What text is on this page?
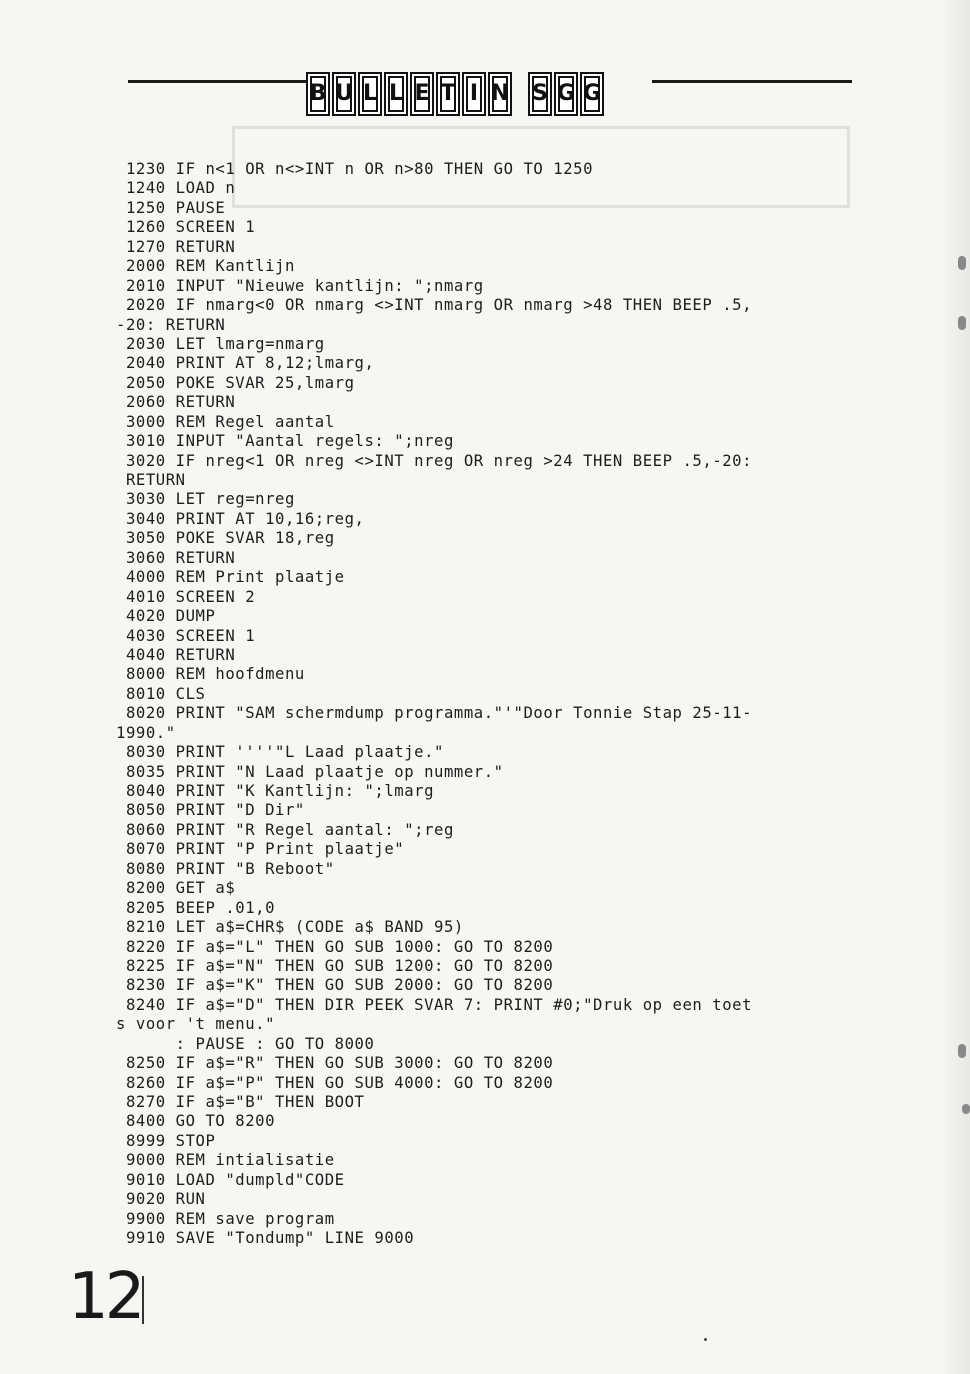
B U L L E T I N S G G
1230 IF n<1 OR n<>INT n OR n>80 THEN GO TO 1250
1240 LOAD n
1250 PAUSE
1260 SCREEN 1
1270 RETURN
2000 REM Kantlijn
2010 INPUT "Nieuwe kantlijn: ";nmarg
2020 IF nmarg<0 OR nmarg <>INT nmarg OR nmarg >48 THEN BEEP .5,
-20: RETURN
2030 LET lmarg=nmarg
2040 PRINT AT 8,12;lmarg,
2050 POKE SVAR 25,lmarg
2060 RETURN
3000 REM Regel aantal
3010 INPUT "Aantal regels: ";nreg
3020 IF nreg<1 OR nreg <>INT nreg OR nreg >24 THEN BEEP .5,-20:
RETURN
3030 LET reg=nreg
3040 PRINT AT 10,16;reg,
3050 POKE SVAR 18,reg
3060 RETURN
4000 REM Print plaatje
4010 SCREEN 2
4020 DUMP
4030 SCREEN 1
4040 RETURN
8000 REM hoofdmenu
8010 CLS
8020 PRINT "SAM schermdump programma."'"Door Tonnie Stap 25-11-
1990."
8030 PRINT ''''"L Laad plaatje."
8035 PRINT "N Laad plaatje op nummer."
8040 PRINT "K Kantlijn: ";lmarg
8050 PRINT "D Dir"
8060 PRINT "R Regel aantal: ";reg
8070 PRINT "P Print plaatje"
8080 PRINT "B Reboot"
8200 GET a$
8205 BEEP .01,0
8210 LET a$=CHR$ (CODE a$ BAND 95)
8220 IF a$="L" THEN GO SUB 1000: GO TO 8200
8225 IF a$="N" THEN GO SUB 1200: GO TO 8200
8230 IF a$="K" THEN GO SUB 2000: GO TO 8200
8240 IF a$="D" THEN DIR PEEK SVAR 7: PRINT #0;"Druk op een toet
s voor 't menu."
: PAUSE : GO TO 8000
8250 IF a$="R" THEN GO SUB 3000: GO TO 8200
8260 IF a$="P" THEN GO SUB 4000: GO TO 8200
8270 IF a$="B" THEN BOOT
8400 GO TO 8200
8999 STOP
9000 REM intialisatie
9010 LOAD "dumpld"CODE
9020 RUN
9900 REM save program
9910 SAVE "Tondump" LINE 9000
12
